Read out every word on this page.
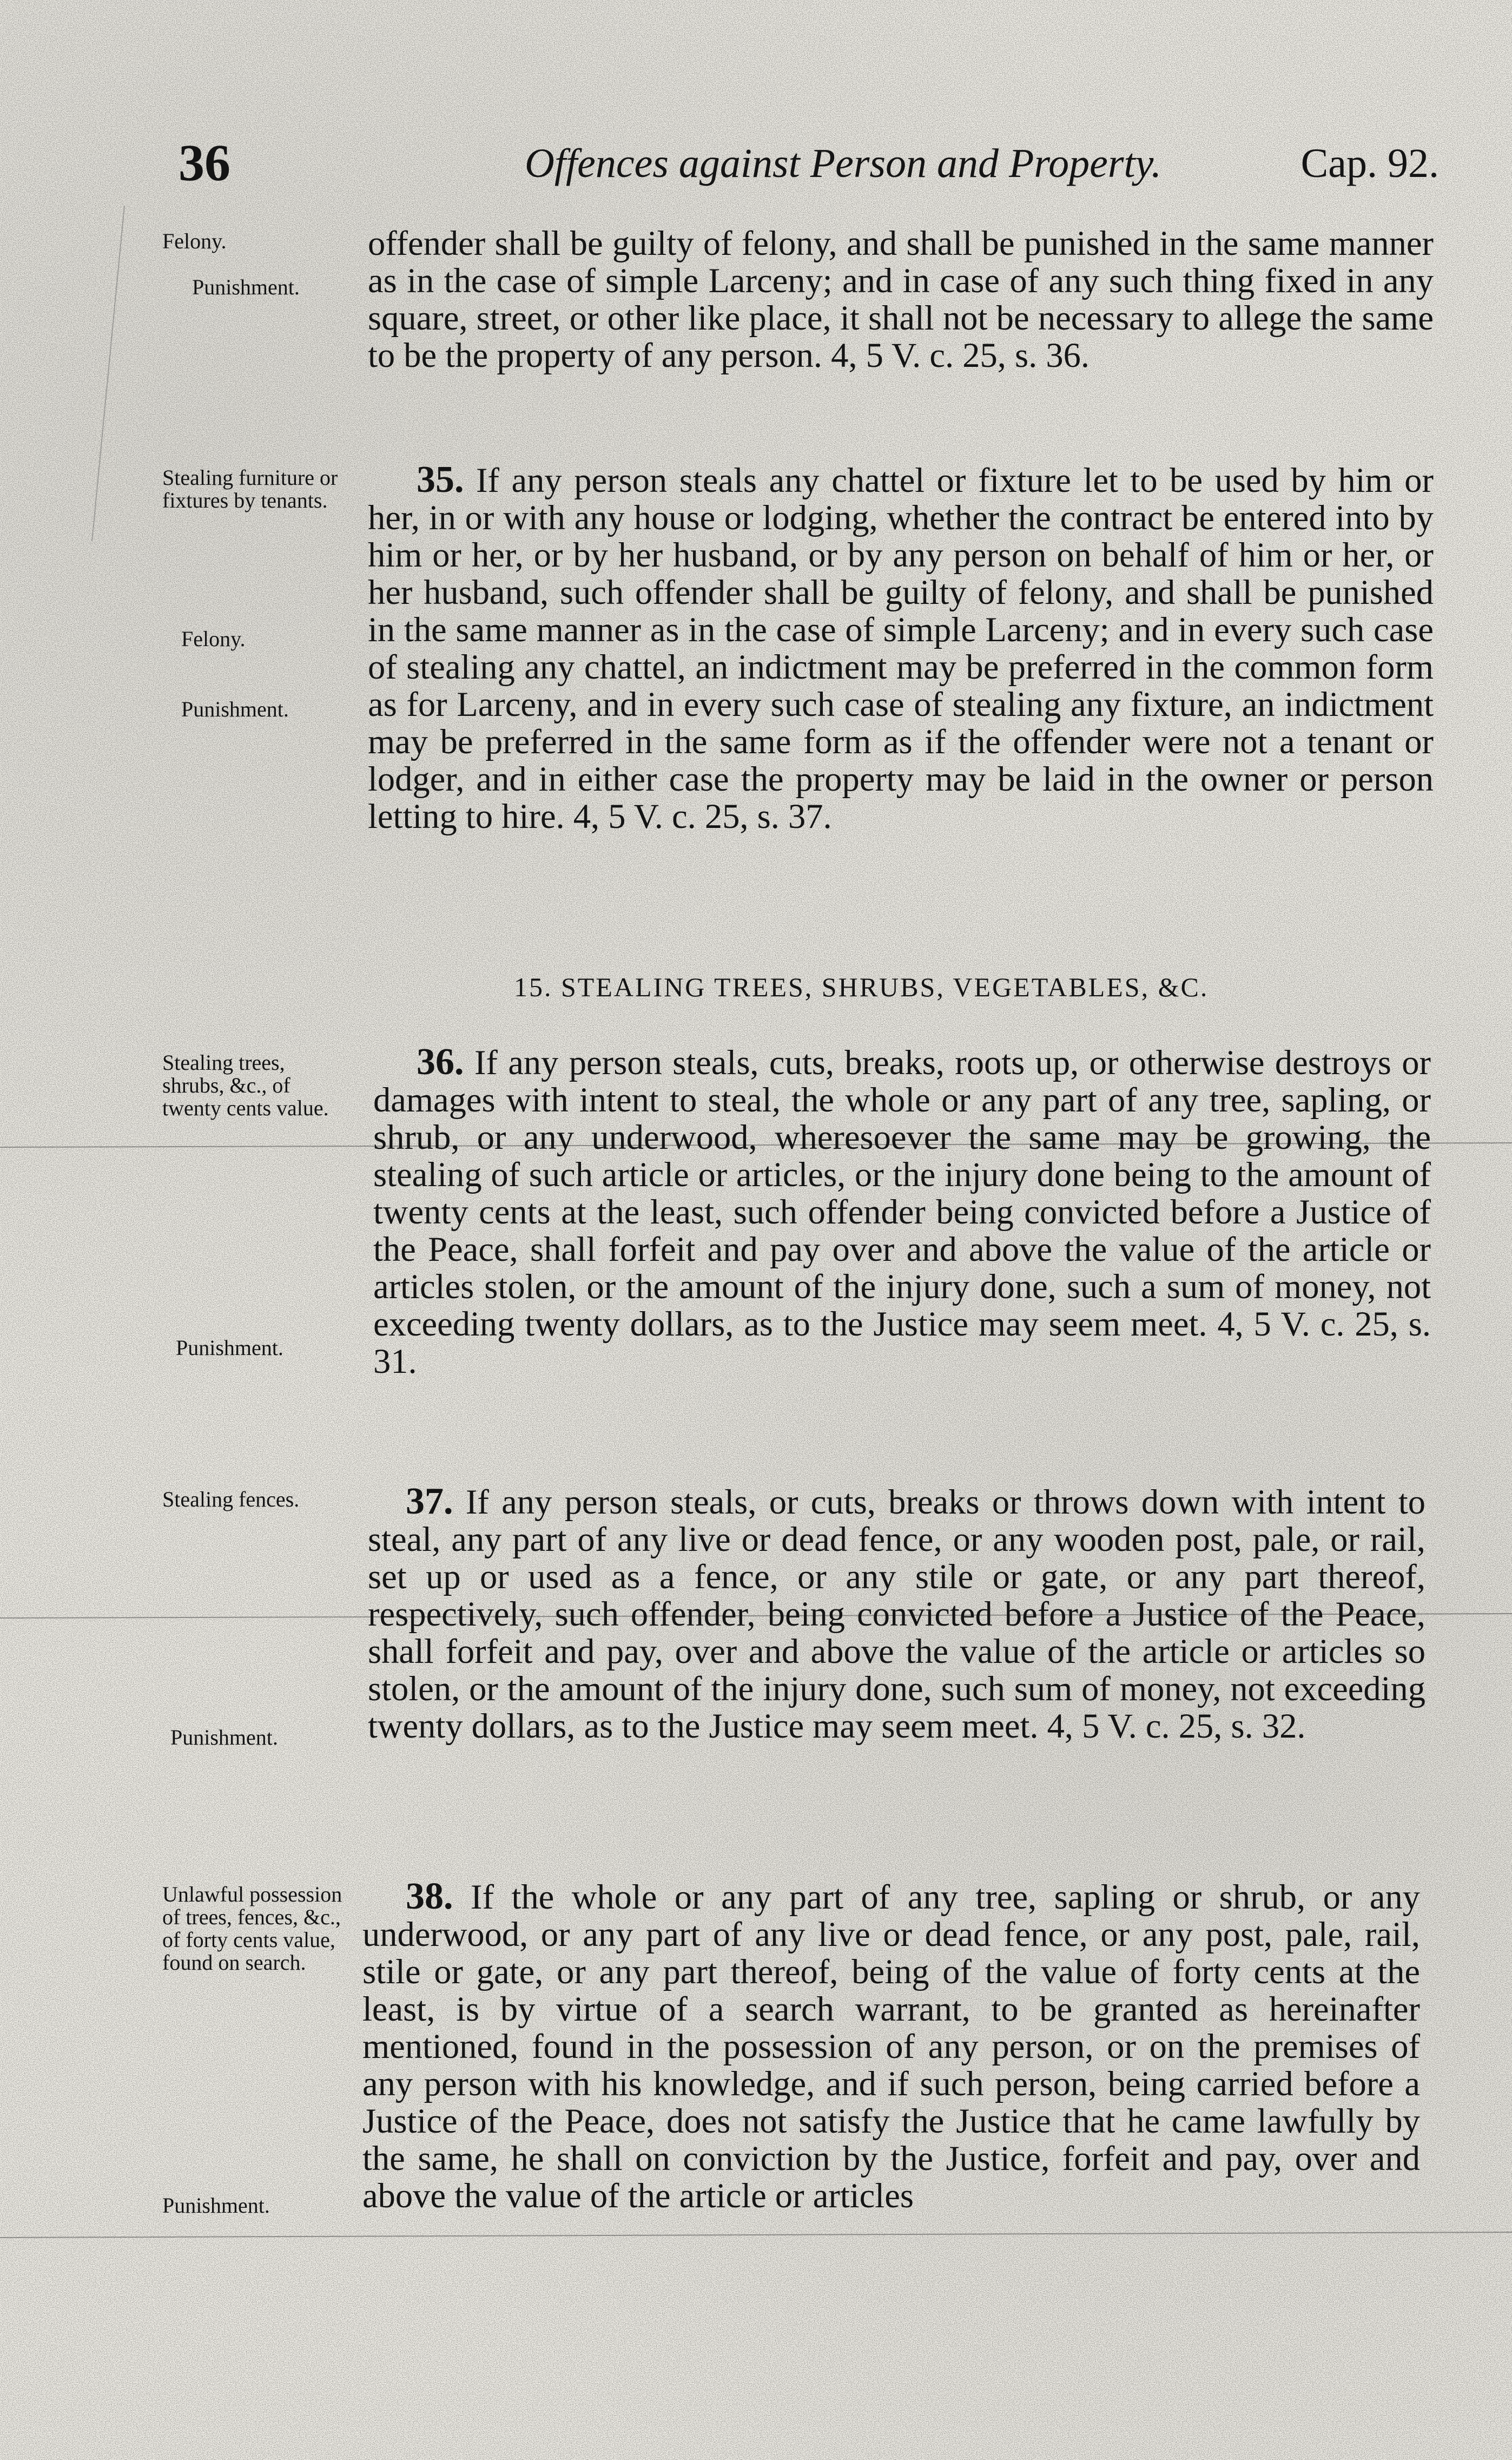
36	Offences against Person and Property.	Cap. 92.
Felony.
Punishment.
offender shall be guilty of felony, and shall be punished in the same manner as in the case of simple Larceny; and in case of any such thing fixed in any square, street, or other like place, it shall not be necessary to allege the same to be the property of any person. 4, 5 V. c. 25, s. 36.
Stealing furniture or fixtures by tenants.
Felony.
Punishment.
35. If any person steals any chattel or fixture let to be used by him or her, in or with any house or lodging, whether the contract be entered into by him or her, or by her husband, or by any person on behalf of him or her, or her husband, such offender shall be guilty of felony, and shall be punished in the same manner as in the case of simple Larceny; and in every such case of stealing any chattel, an indictment may be preferred in the common form as for Larceny, and in every such case of stealing any fixture, an indictment may be preferred in the same form as if the offender were not a tenant or lodger, and in either case the property may be laid in the owner or person letting to hire. 4, 5 V. c. 25, s. 37.
15. STEALING TREES, SHRUBS, VEGETABLES, &C.
Stealing trees, shrubs, &c., of twenty cents value.
Punishment.
36. If any person steals, cuts, breaks, roots up, or otherwise destroys or damages with intent to steal, the whole or any part of any tree, sapling, or shrub, or any underwood, wheresoever the same may be growing, the stealing of such article or articles, or the injury done being to the amount of twenty cents at the least, such offender being convicted before a Justice of the Peace, shall forfeit and pay over and above the value of the article or articles stolen, or the amount of the injury done, such a sum of money, not exceeding twenty dollars, as to the Justice may seem meet. 4, 5 V. c. 25, s. 31.
Stealing fences.
Punishment.
37. If any person steals, or cuts, breaks or throws down with intent to steal, any part of any live or dead fence, or any wooden post, pale, or rail, set up or used as a fence, or any stile or gate, or any part thereof, respectively, such offender, being convicted before a Justice of the Peace, shall forfeit and pay, over and above the value of the article or articles so stolen, or the amount of the injury done, such sum of money, not exceeding twenty dollars, as to the Justice may seem meet. 4, 5 V. c. 25, s. 32.
Unlawful possession of trees, fences, &c., of forty cents value, found on search.
Punishment.
38. If the whole or any part of any tree, sapling or shrub, or any underwood, or any part of any live or dead fence, or any post, pale, rail, stile or gate, or any part thereof, being of the value of forty cents at the least, is by virtue of a search warrant, to be granted as hereinafter mentioned, found in the possession of any person, or on the premises of any person with his knowledge, and if such person, being carried before a Justice of the Peace, does not satisfy the Justice that he came lawfully by the same, he shall on conviction by the Justice, forfeit and pay, over and above the value of the article or articles
